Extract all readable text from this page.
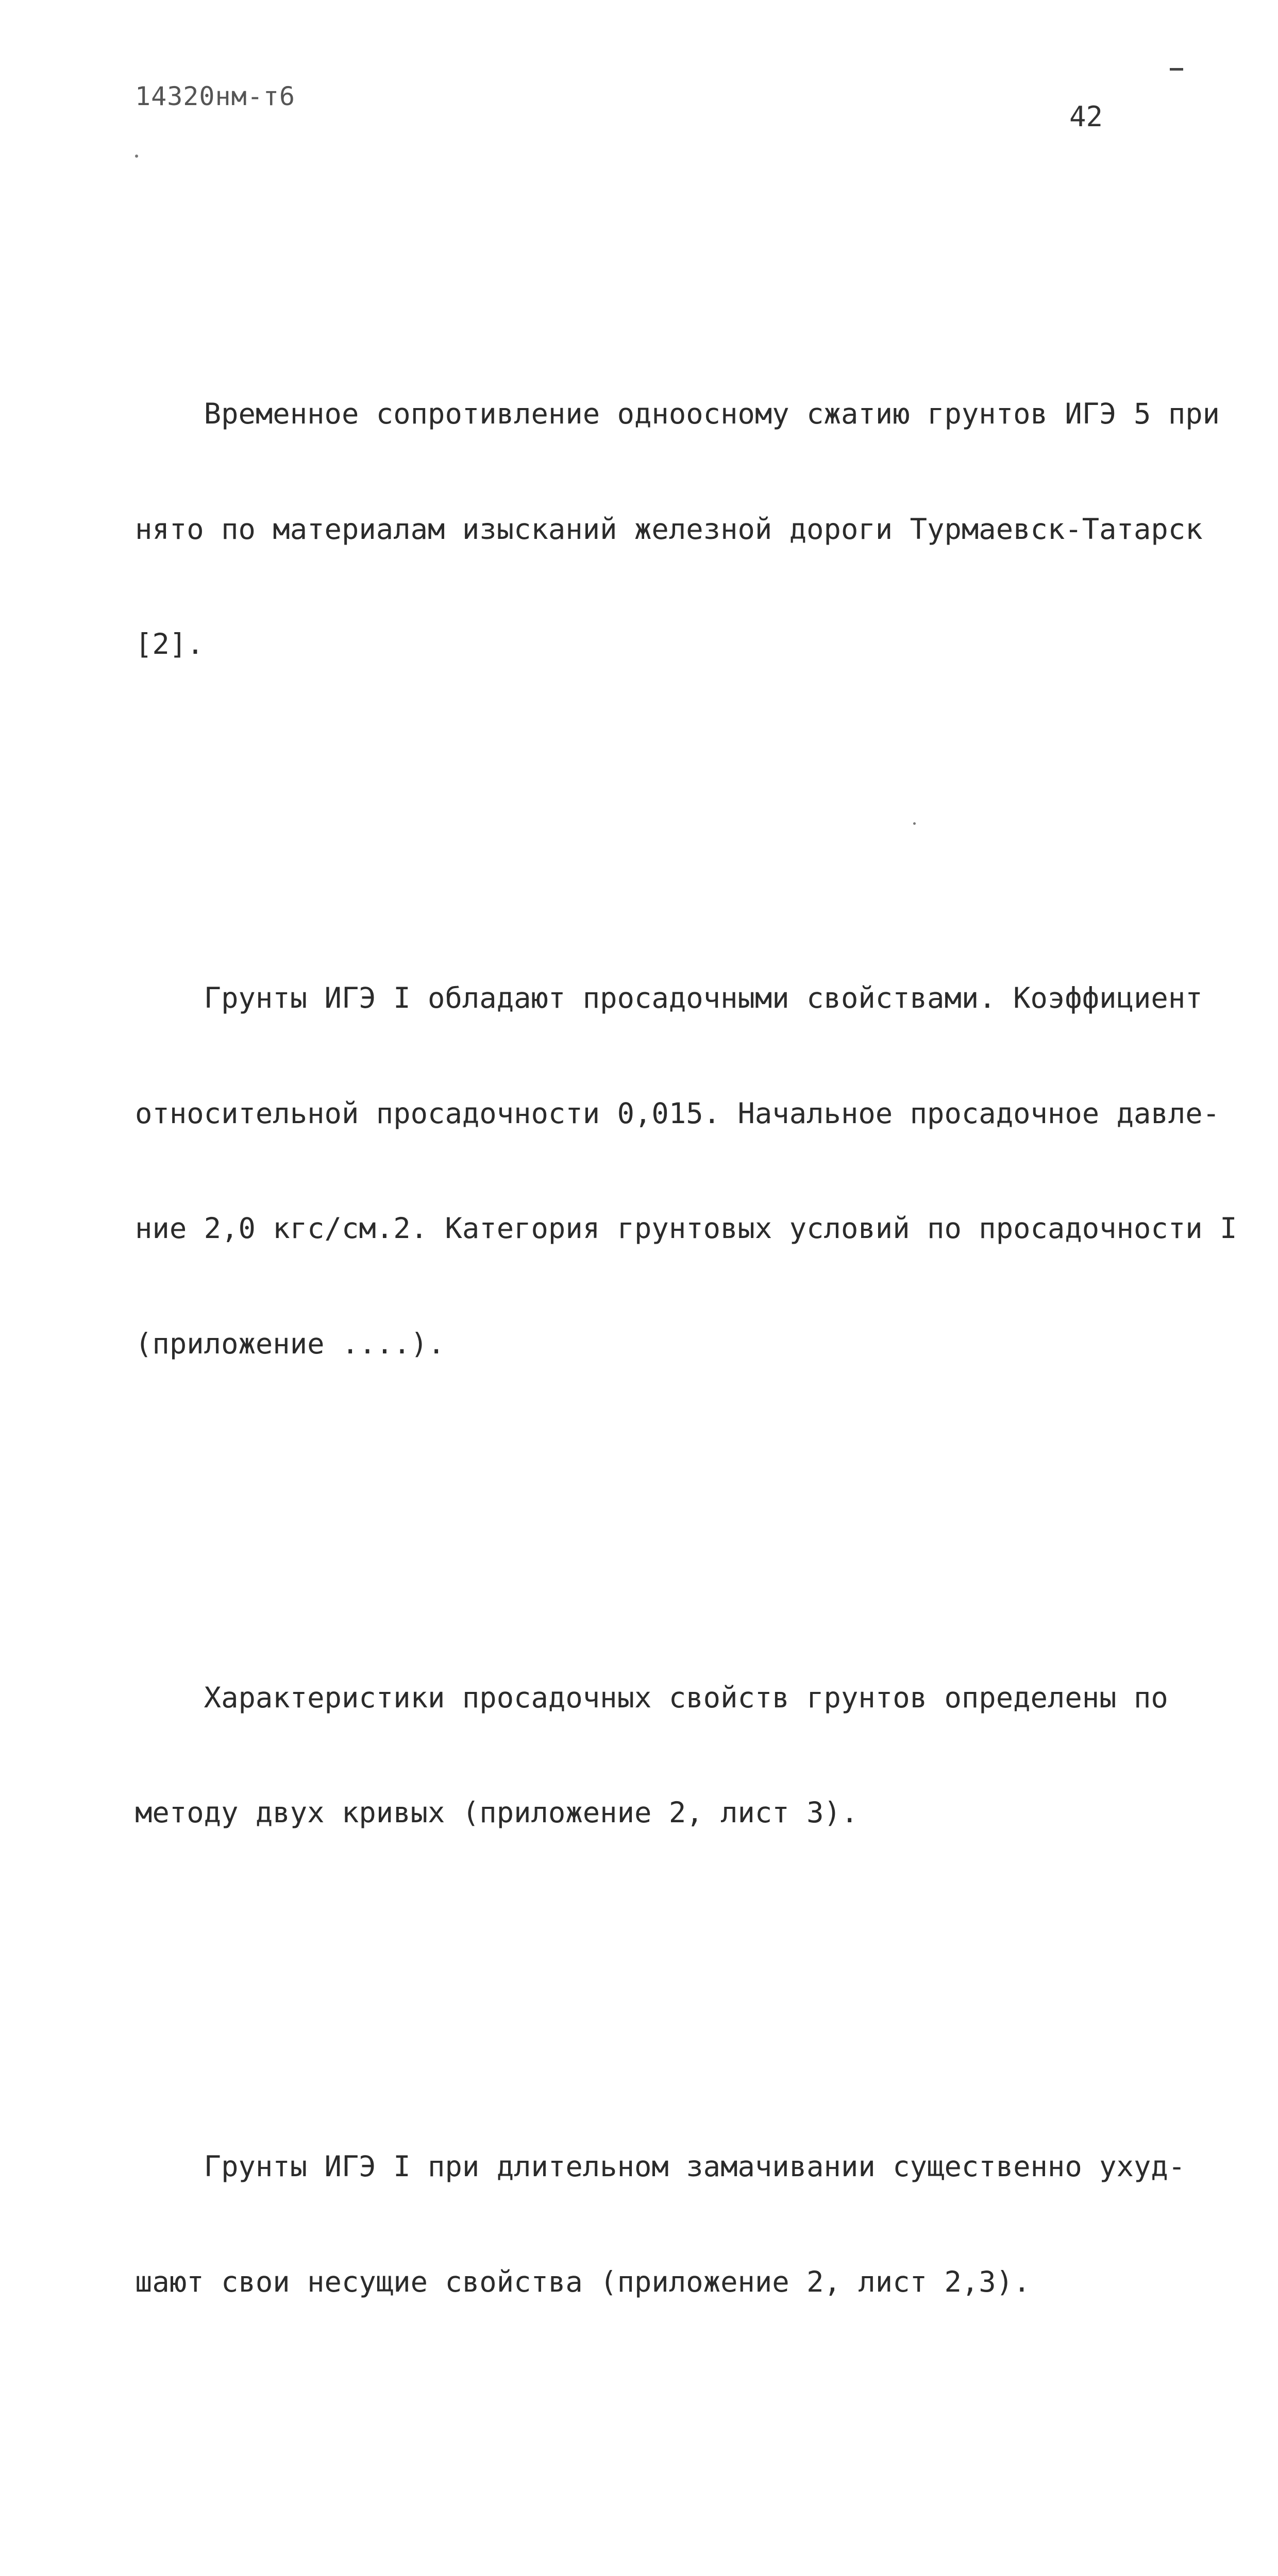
14320нм-т6
42

Временное сопротивление одноосному сжатию грунтов ИГЭ 5 при

нято по материалам изысканий железной дороги Турмаевск-Татарск

[2].

Грунты ИГЭ I обладают просадочными свойствами. Коэффициент

относительной просадочности 0,015. Начальное просадочное давле-

ние 2,0 кгс/см.2. Категория грунтовых условий по просадочности I

(приложение ....).

Характеристики просадочных свойств грунтов определены по

методу двух кривых (приложение 2, лист 3).

Грунты ИГЭ I при длительном замачивании существенно ухуд-

шают свои несущие свойства (приложение 2, лист 2,3).
